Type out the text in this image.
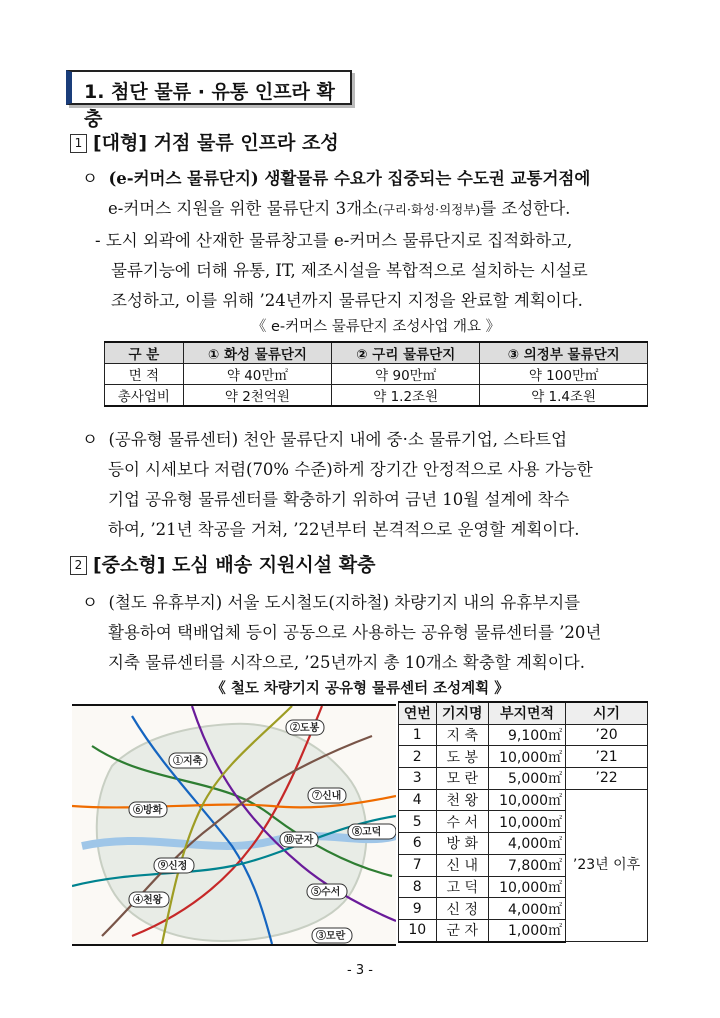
1. 첨단 물류 · 유통 인프라 확충
1 [대형] 거점 물류 인프라 조성
ㅇ (e-커머스 물류단지) 생활물류 수요가 집중되는 수도권 교통거점에
e-커머스 지원을 위한 물류단지 3개소(구리·화성·의정부)를 조성한다.
- 도시 외곽에 산재한 물류창고를 e-커머스 물류단지로 집적화하고,
물류기능에 더해 유통, IT, 제조시설을 복합적으로 설치하는 시설로
조성하고, 이를 위해 ’24년까지 물류단지 지정을 완료할 계획이다.
《 e-커머스 물류단지 조성사업 개요 》
구 분	① 화성 물류단지	② 구리 물류단지	③ 의정부 물류단지
면 적	약 40만㎡	약 90만㎡	약 100만㎡
총사업비	약 2천억원	약 1.2조원	약 1.4조원
ㅇ (공유형 물류센터) 천안 물류단지 내에 중·소 물류기업, 스타트업
등이 시세보다 저렴(70% 수준)하게 장기간 안정적으로 사용 가능한
기업 공유형 물류센터를 확충하기 위하여 금년 10월 설계에 착수
하여, ’21년 착공을 거쳐, ’22년부터 본격적으로 운영할 계획이다.
2 [중소형] 도심 배송 지원시설 확충
ㅇ (철도 유휴부지) 서울 도시철도(지하철) 차량기지 내의 유휴부지를
활용하여 택배업체 등이 공동으로 사용하는 공유형 물류센터를 ’20년
지축 물류센터를 시작으로, ’25년까지 총 10개소 확충할 계획이다.
《 철도 차량기지 공유형 물류센터 조성계획 》
②도봉
①지축
⑦신내
⑥방화
⑧고덕
⑩군자
⑨신정
⑤수서
④천왕
③모란
연번	기지명	부지면적	시기
1	지 축	9,100㎡	’20
2	도 봉	10,000㎡	’21
3	모 란	5,000㎡	’22
4	천 왕	10,000㎡	’23년 이후
5	수 서	10,000㎡	
6	방 화	4,000㎡	
7	신 내	7,800㎡	
8	고 덕	10,000㎡	
9	신 정	4,000㎡	
10	군 자	1,000㎡	
- 3 -
